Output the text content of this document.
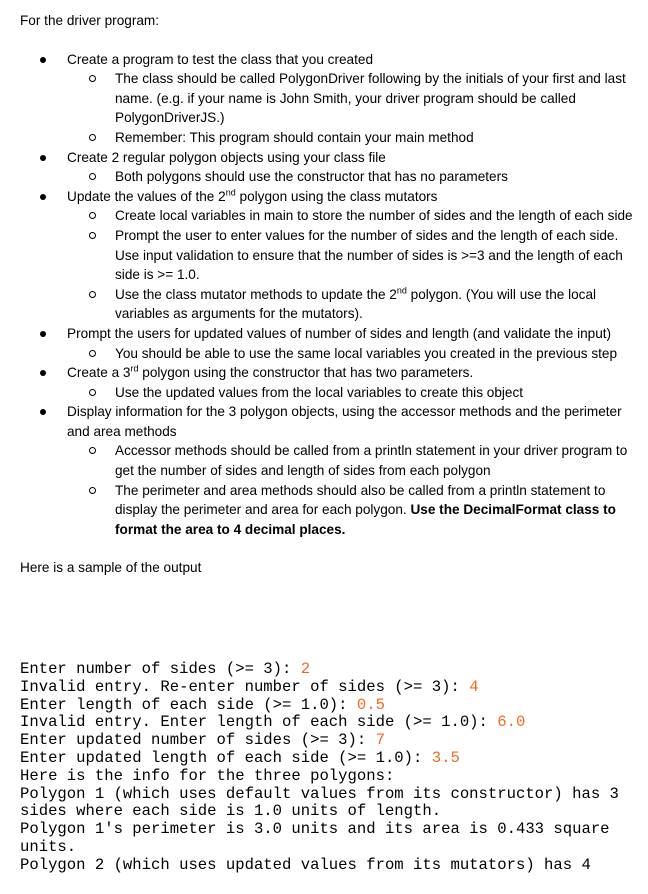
For the driver program:
Create a program to test the class that you created
The class should be called PolygonDriver following by the initials of your first and last name. (e.g. if your name is John Smith, your driver program should be called PolygonDriverJS.)
Remember: This program should contain your main method
Create 2 regular polygon objects using your class file
Both polygons should use the constructor that has no parameters
Update the values of the 2nd polygon using the class mutators
Create local variables in main to store the number of sides and the length of each side
Prompt the user to enter values for the number of sides and the length of each side. Use input validation to ensure that the number of sides is >=3 and the length of each side is >= 1.0.
Use the class mutator methods to update the 2nd polygon. (You will use the local variables as arguments for the mutators).
Prompt the users for updated values of number of sides and length (and validate the input)
You should be able to use the same local variables you created in the previous step
Create a 3rd polygon using the constructor that has two parameters.
Use the updated values from the local variables to create this object
Display information for the 3 polygon objects, using the accessor methods and the perimeter and area methods
Accessor methods should be called from a println statement in your driver program to get the number of sides and length of sides from each polygon
The perimeter and area methods should also be called from a println statement to display the perimeter and area for each polygon. Use the DecimalFormat class to format the area to 4 decimal places.
Here is a sample of the output
Enter number of sides (>= 3): 2
Invalid entry. Re-enter number of sides (>= 3): 4
Enter length of each side (>= 1.0): 0.5
Invalid entry. Enter length of each side (>= 1.0): 6.0
Enter updated number of sides (>= 3): 7
Enter updated length of each side (>= 1.0): 3.5
Here is the info for the three polygons:
Polygon 1 (which uses default values from its constructor) has 3
sides where each side is 1.0 units of length.
Polygon 1's perimeter is 3.0 units and its area is 0.433 square
units.
Polygon 2 (which uses updated values from its mutators) has 4
